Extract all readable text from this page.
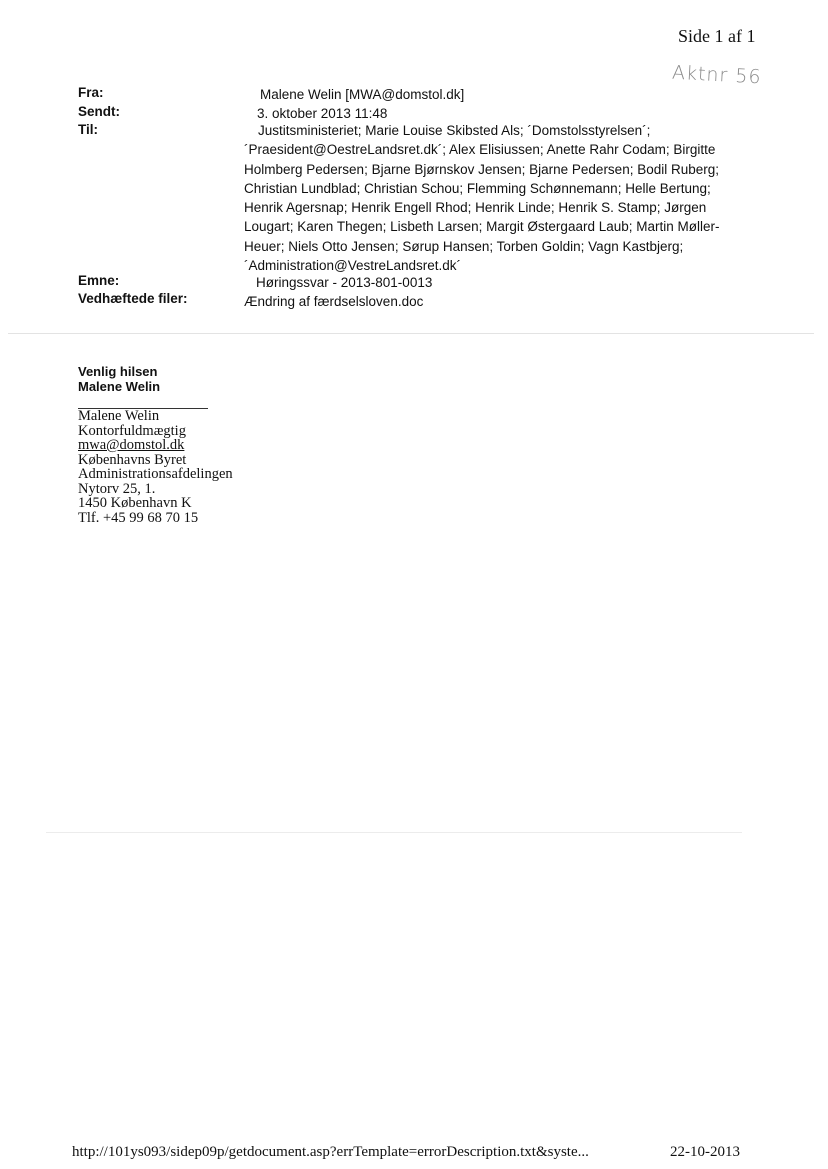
Side 1 af 1
Aktnr 56
Fra:	Malene Welin [MWA@domstol.dk]
Sendt:	3. oktober 2013 11:48
Til:	Justitsministeriet; Marie Louise Skibsted Als; ´Domstolsstyrelsen´;
´Praesident@OestreLandsret.dk´; Alex Elisiussen; Anette Rahr Codam; Birgitte
Holmberg Pedersen; Bjarne Bjørnskov Jensen; Bjarne Pedersen; Bodil Ruberg;
Christian Lundblad; Christian Schou; Flemming Schønnemann; Helle Bertung;
Henrik Agersnap; Henrik Engell Rhod; Henrik Linde; Henrik S. Stamp; Jørgen
Lougart; Karen Thegen; Lisbeth Larsen; Margit Østergaard Laub; Martin Møller-
Heuer; Niels Otto Jensen; Sørup Hansen; Torben Goldin; Vagn Kastbjerg;
´Administration@VestreLandsret.dk´
Emne:	Høringssvar - 2013-801-0013
Vedhæftede filer:	Ændring af færdselsloven.doc
Venlig hilsen
Malene Welin
Malene Welin
Kontorfuldmægtig
mwa@domstol.dk
Københavns Byret
Administrationsafdelingen
Nytorv 25, 1.
1450 København K
Tlf. +45 99 68 70 15
http://101ys093/sidep09p/getdocument.asp?errTemplate=errorDescription.txt&syste...	22-10-2013
